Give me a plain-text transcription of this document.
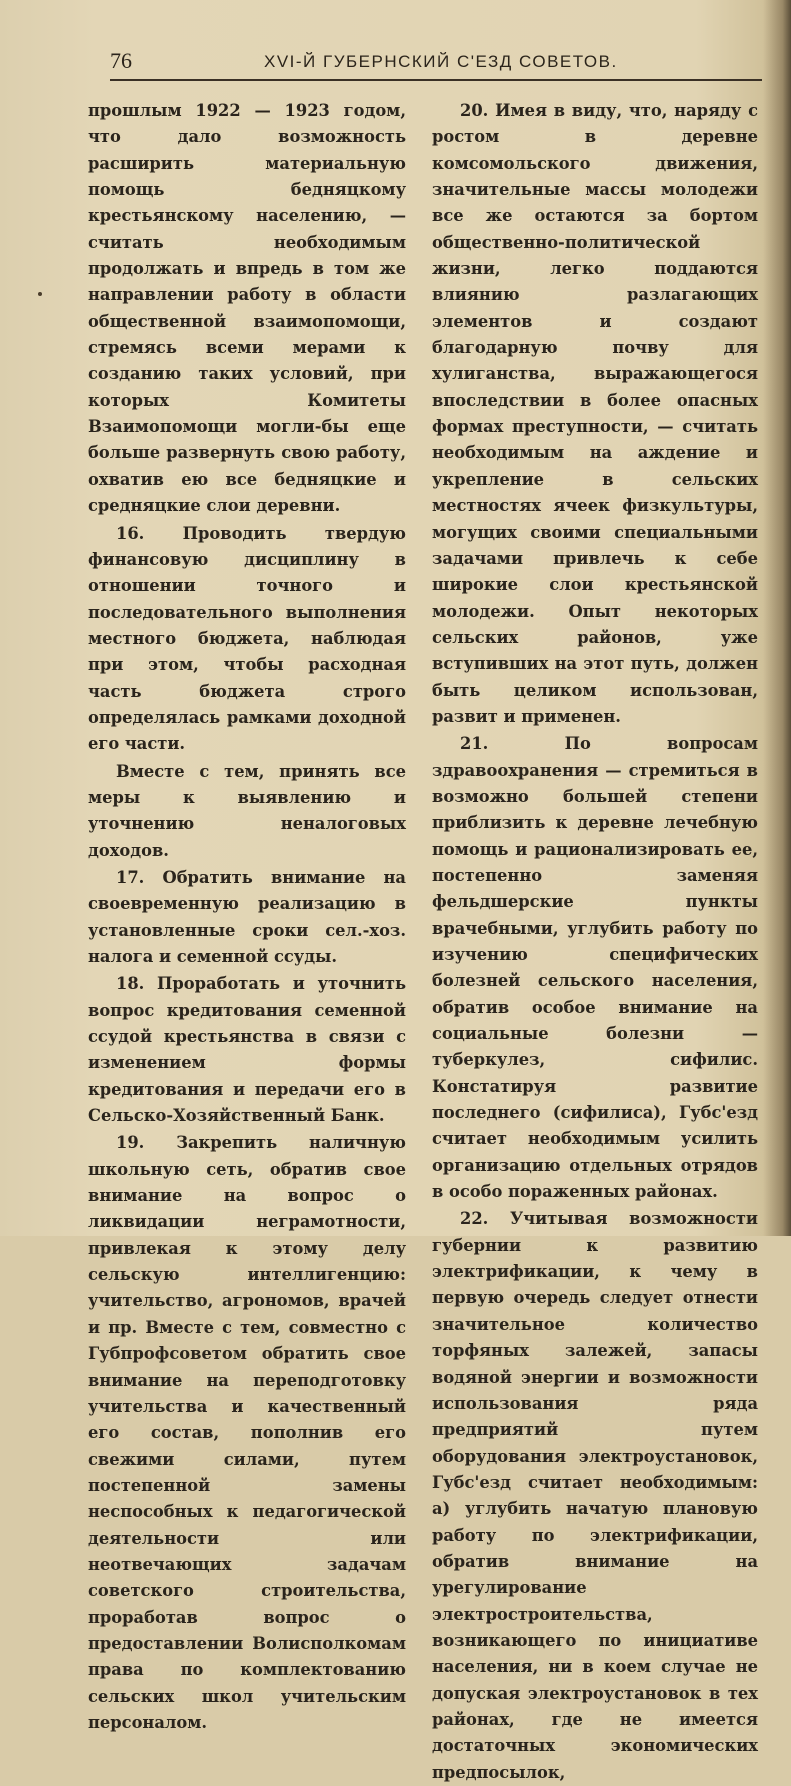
76	XVI-Й ГУБЕРНСКИЙ С'ЕЗД СОВЕТОВ.

прошлым 1922 — 1923 годом, что дало возможность расширить материальную помощь бедняцкому крестьянскому населению, — считать необходимым продолжать и впредь в том же направлении работу в области общественной взаимопомощи, стремясь всеми мерами к созданию таких условий, при которых Комитеты Взаимопомощи могли-бы еще больше развернуть свою работу, охватив ею все бедняцкие и средняцкие слои деревни.

16. Проводить твердую финансовую дисциплину в отношении точного и последовательного выполнения местного бюджета, наблюдая при этом, чтобы расходная часть бюджета строго определялась рамками доходной его части.

Вместе с тем, принять все меры к выявлению и уточнению неналоговых доходов.

17. Обратить внимание на своевременную реализацию в установленные сроки сел.-хоз. налога и семенной ссуды.

18. Проработать и уточнить вопрос кредитования семенной ссудой крестьянства в связи с изменением формы кредитования и передачи его в Сельско-Хозяйственный Банк.

19. Закрепить наличную школьную сеть, обратив свое внимание на вопрос о ликвидации неграмотности, привлекая к этому делу сельскую интеллигенцию: учительство, агрономов, врачей и пр. Вместе с тем, совместно с Губпрофсоветом обратить свое внимание на переподготовку учительства и качественный его состав, пополнив его свежими силами, путем постепенной замены неспособных к педагогической деятельности или неотвечающих задачам советского строительства, проработав вопрос о предоставлении Волисполкомам права по комплектованию сельских школ учительским персоналом.

20. Имея в виду, что, наряду с ростом в деревне комсомольского движения, значительные массы молодежи все же остаются за бортом общественно-политической жизни, легко поддаются влиянию разлагающих элементов и создают благодарную почву для хулиганства, выражающегося впоследствии в более опасных формах преступности, — считать необходимым на аждение и укрепление в сельских местностях ячеек физкультуры, могущих своими специальными задачами привлечь к себе широкие слои крестьянской молодежи. Опыт некоторых сельских районов, уже вступивших на этот путь, должен быть целиком использован, развит и применен.

21. По вопросам здравоохранения — стремиться в возможно большей степени приблизить к деревне лечебную помощь и рационализировать ее, постепенно заменяя фельдшерские пункты врачебными, углубить работу по изучению специфических болезней сельского населения, обратив особое внимание на социальные болезни — туберкулез, сифилис. Констатируя развитие последнего (сифилиса), Губс'езд считает необходимым усилить организацию отдельных отрядов в особо пораженных районах.

22. Учитывая возможности губернии к развитию электрификации, к чему в первую очередь следует отнести значительное количество торфяных залежей, запасы водяной энергии и возможности использования ряда предприятий путем оборудования электроустановок, Губс'езд считает необходимым: а) углубить начатую плановую работу по электрификации, обратив внимание на урегулирование электростроительства, возникающего по инициативе населения, ни в коем случае не допуская электроустановок в тех районах, где не имеется достаточных экономических предпосылок,
